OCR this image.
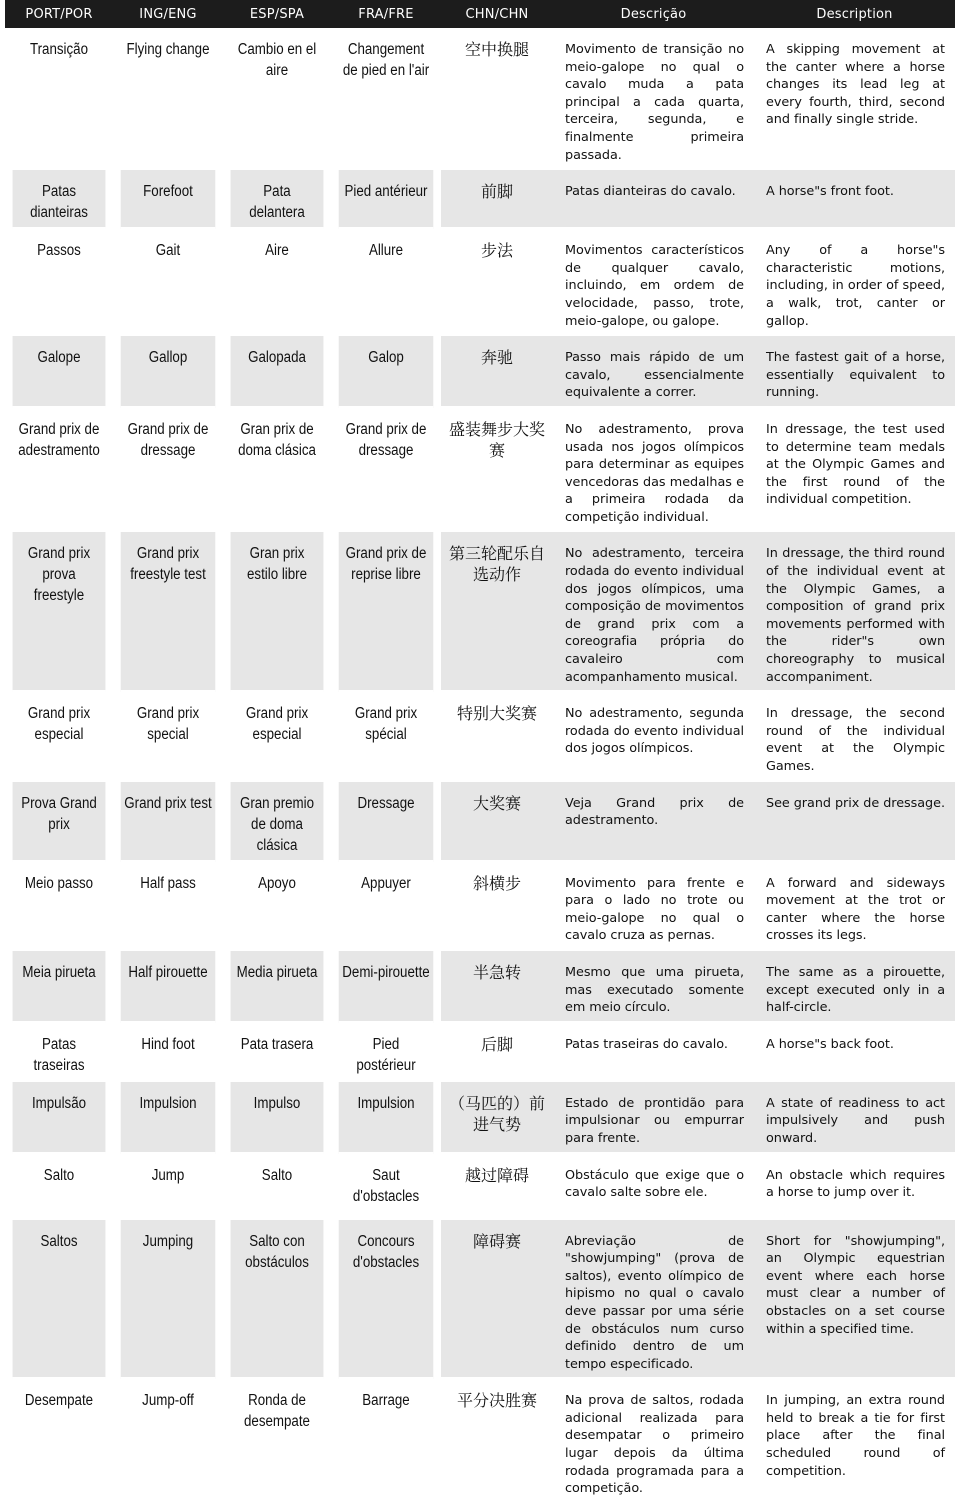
PORT/POR	ING/ENG	ESP/SPA	FRA/FRE	CHN/CHN	Descrição	Description
Transição	Flying change	Cambio en el aire	Changement de pied en l'air	空中换腿	Movimento de transição no meio-galope no qual o cavalo muda a pata principal a cada quarta, terceira, segunda, e finalmente primeira passada.	A skipping movement at the canter where a horse changes its lead leg at every fourth, third, second and finally single stride.
Patas dianteiras	Forefoot	Pata delantera	Pied antérieur	前脚	Patas dianteiras do cavalo.	A horse"s front foot.
Passos	Gait	Aire	Allure	步法	Movimentos característicos de qualquer cavalo, incluindo, em ordem de velocidade, passo, trote, meio-galope, ou galope.	Any of a horse"s characteristic motions, including, in order of speed, a walk, trot, canter or gallop.
Galope	Gallop	Galopada	Galop	奔驰	Passo mais rápido de um cavalo, essencialmente equivalente a correr.	The fastest gait of a horse, essentially equivalent to running.
Grand prix de adestramento	Grand prix de dressage	Gran prix de doma clásica	Grand prix de dressage	盛装舞步大奖赛	No adestramento, prova usada nos jogos olímpicos para determinar as equipes vencedoras das medalhas e a primeira rodada da competição individual.	In dressage, the test used to determine team medals at the Olympic Games and the first round of the individual competition.
Grand prix prova freestyle	Grand prix freestyle test	Gran prix estilo libre	Grand prix de reprise libre	第三轮配乐自选动作	No adestramento, terceira rodada do evento individual dos jogos olímpicos, uma composição de movimentos de grand prix com a coreografia própria do cavaleiro com acompanhamento musical.	In dressage, the third round of the individual event at the Olympic Games, a composition of grand prix movements performed with the rider"s own choreography to musical accompaniment.
Grand prix especial	Grand prix special	Grand prix especial	Grand prix spécial	特别大奖赛	No adestramento, segunda rodada do evento individual dos jogos olímpicos.	In dressage, the second round of the individual event at the Olympic Games.
Prova Grand prix	Grand prix test	Gran premio de doma clásica	Dressage	大奖赛	Veja Grand prix de adestramento.	See grand prix de dressage.
Meio passo	Half pass	Apoyo	Appuyer	斜横步	Movimento para frente e para o lado no trote ou meio-galope no qual o cavalo cruza as pernas.	A forward and sideways movement at the trot or canter where the horse crosses its legs.
Meia pirueta	Half pirouette	Media pirueta	Demi-pirouette	半急转	Mesmo que uma pirueta, mas executado somente em meio círculo.	The same as a pirouette, except executed only in a half-circle.
Patas traseiras	Hind foot	Pata trasera	Pied postérieur	后脚	Patas traseiras do cavalo.	A horse"s back foot.
Impulsão	Impulsion	Impulso	Impulsion	（马匹的）前进气势	Estado de prontidão para impulsionar ou empurrar para frente.	A state of readiness to act impulsively and push onward.
Salto	Jump	Salto	Saut d'obstacles	越过障碍	Obstáculo que exige que o cavalo salte sobre ele.	An obstacle which requires a horse to jump over it.
Saltos	Jumping	Salto con obstáculos	Concours d'obstacles	障碍赛	Abreviação de "showjumping" (prova de saltos), evento olímpico de hipismo no qual o cavalo deve passar por uma série de obstáculos num curso definido dentro de um tempo especificado.	Short for "showjumping", an Olympic equestrian event where each horse must clear a number of obstacles on a set course within a specified time.
Desempate	Jump-off	Ronda de desempate	Barrage	平分决胜赛	Na prova de saltos, rodada adicional realizada para desempatar o primeiro lugar depois da última rodada programada para a competição.	In jumping, an extra round held to break a tie for first place after the final scheduled round of competition.
